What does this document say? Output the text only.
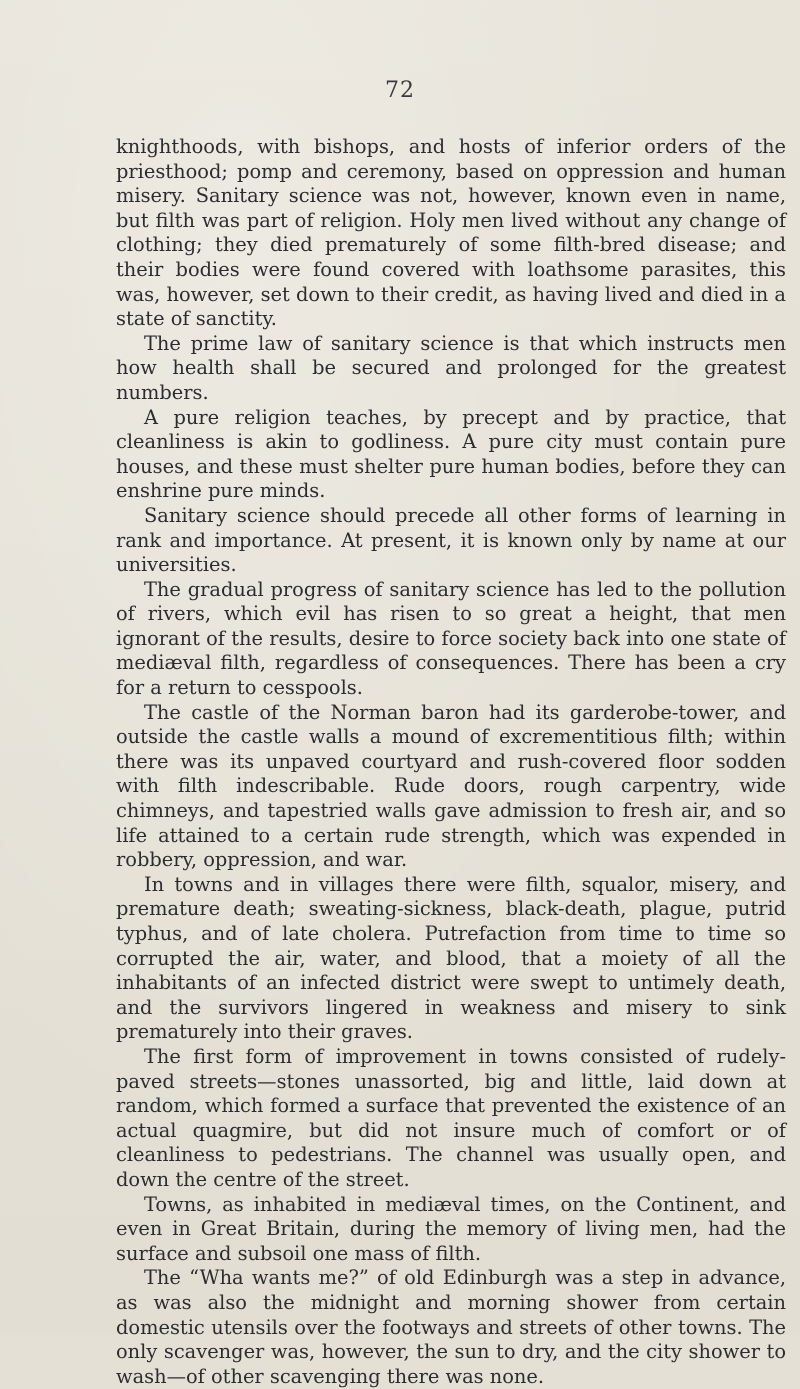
72

knighthoods, with bishops, and hosts of inferior orders of the priesthood; pomp and ceremony, based on oppression and human misery. Sanitary science was not, however, known even in name, but filth was part of religion. Holy men lived without any change of clothing; they died prematurely of some filth-bred disease; and their bodies were found covered with loathsome parasites, this was, however, set down to their credit, as having lived and died in a state of sanctity.

The prime law of sanitary science is that which instructs men how health shall be secured and prolonged for the greatest numbers.

A pure religion teaches, by precept and by practice, that cleanliness is akin to godliness. A pure city must contain pure houses, and these must shelter pure human bodies, before they can enshrine pure minds.

Sanitary science should precede all other forms of learning in rank and importance. At present, it is known only by name at our universities.

The gradual progress of sanitary science has led to the pollution of rivers, which evil has risen to so great a height, that men ignorant of the results, desire to force society back into one state of mediæval filth, regardless of consequences. There has been a cry for a return to cesspools.

The castle of the Norman baron had its garderobe-tower, and outside the castle walls a mound of excrementitious filth; within there was its unpaved courtyard and rush-covered floor sodden with filth indescribable. Rude doors, rough carpentry, wide chimneys, and tapestried walls gave admission to fresh air, and so life attained to a certain rude strength, which was expended in robbery, oppression, and war.

In towns and in villages there were filth, squalor, misery, and premature death; sweating-sickness, black-death, plague, putrid typhus, and of late cholera. Putrefaction from time to time so corrupted the air, water, and blood, that a moiety of all the inhabitants of an infected district were swept to untimely death, and the survivors lingered in weakness and misery to sink prematurely into their graves.

The first form of improvement in towns consisted of rudely-paved streets—stones unassorted, big and little, laid down at random, which formed a surface that prevented the existence of an actual quagmire, but did not insure much of comfort or of cleanliness to pedestrians. The channel was usually open, and down the centre of the street.

Towns, as inhabited in mediæval times, on the Continent, and even in Great Britain, during the memory of living men, had the surface and subsoil one mass of filth.

The “Wha wants me?” of old Edinburgh was a step in advance, as was also the midnight and morning shower from certain domestic utensils over the footways and streets of other towns. The only scavenger was, however, the sun to dry, and the city shower to wash—of other scavenging there was none.
